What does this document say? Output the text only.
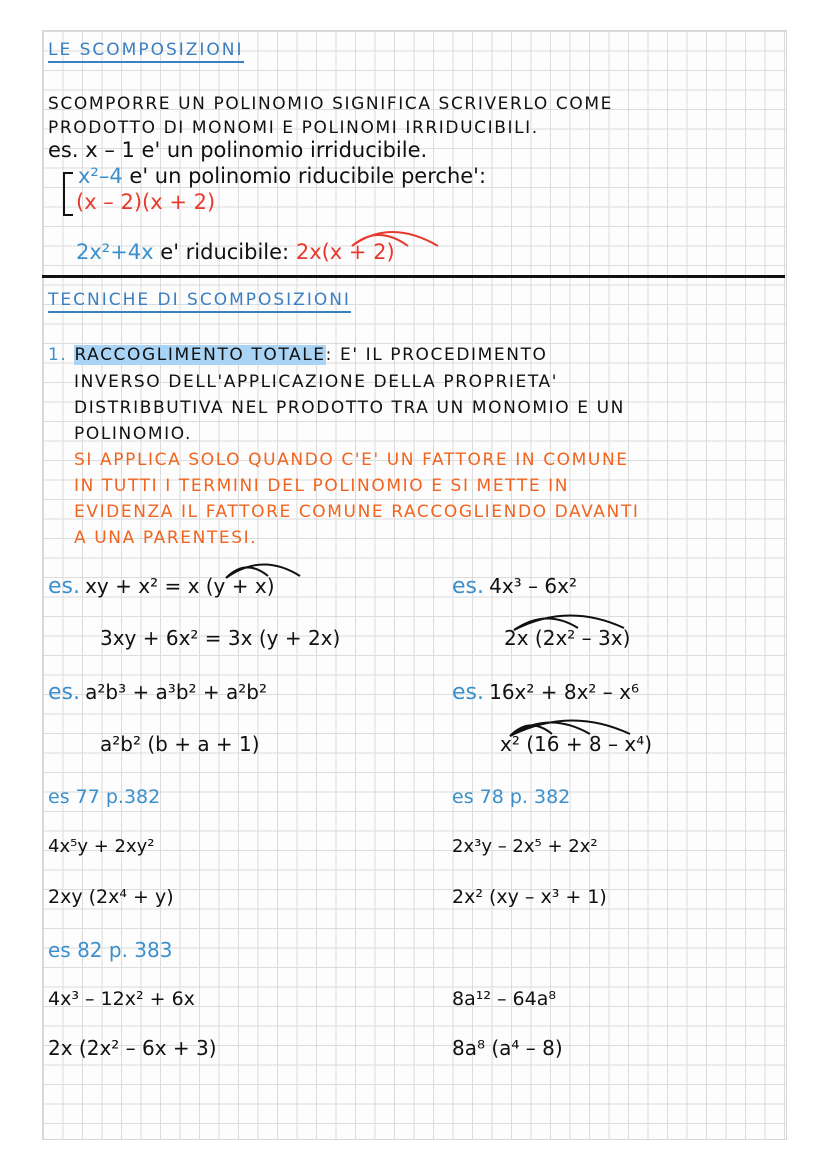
LE SCOMPOSIZIONI
SCOMPORRE UN POLINOMIO SIGNIFICA SCRIVERLO COME
PRODOTTO DI MONOMI E POLINOMI IRRIDUCIBILI.
es. x – 1 e' un polinomio irriducibile.
x²–4 e' un polinomio riducibile perche':
(x – 2)(x + 2)
2x²+4x e' riducibile: 2x(x + 2)
TECNICHE DI SCOMPOSIZIONI
1. RACCOGLIMENTO TOTALE: E' IL PROCEDIMENTO
INVERSO DELL'APPLICAZIONE DELLA PROPRIETA'
DISTRIBBUTIVA NEL PRODOTTO TRA UN MONOMIO E UN
POLINOMIO.
SI APPLICA SOLO QUANDO C'E' UN FATTORE IN COMUNE
IN TUTTI I TERMINI DEL POLINOMIO E SI METTE IN
EVIDENZA IL FATTORE COMUNE RACCOGLIENDO DAVANTI
A UNA PARENTESI.
es. xy + x² = x (y + x)
3xy + 6x² = 3x (y + 2x)
es. 4x³ – 6x²
2x (2x² – 3x)
es. a²b³ + a³b² + a²b²
a²b² (b + a + 1)
es. 16x² + 8x² – x⁶
x² (16 + 8 – x⁴)
es 77 p.382
4x⁵y + 2xy²
2xy (2x⁴ + y)
es 78 p. 382
2x³y – 2x⁵ + 2x²
2x² (xy – x³ + 1)
es 82 p. 383
4x³ – 12x² + 6x
2x (2x² – 6x + 3)
8a¹² – 64a⁸
8a⁸ (a⁴ – 8)
